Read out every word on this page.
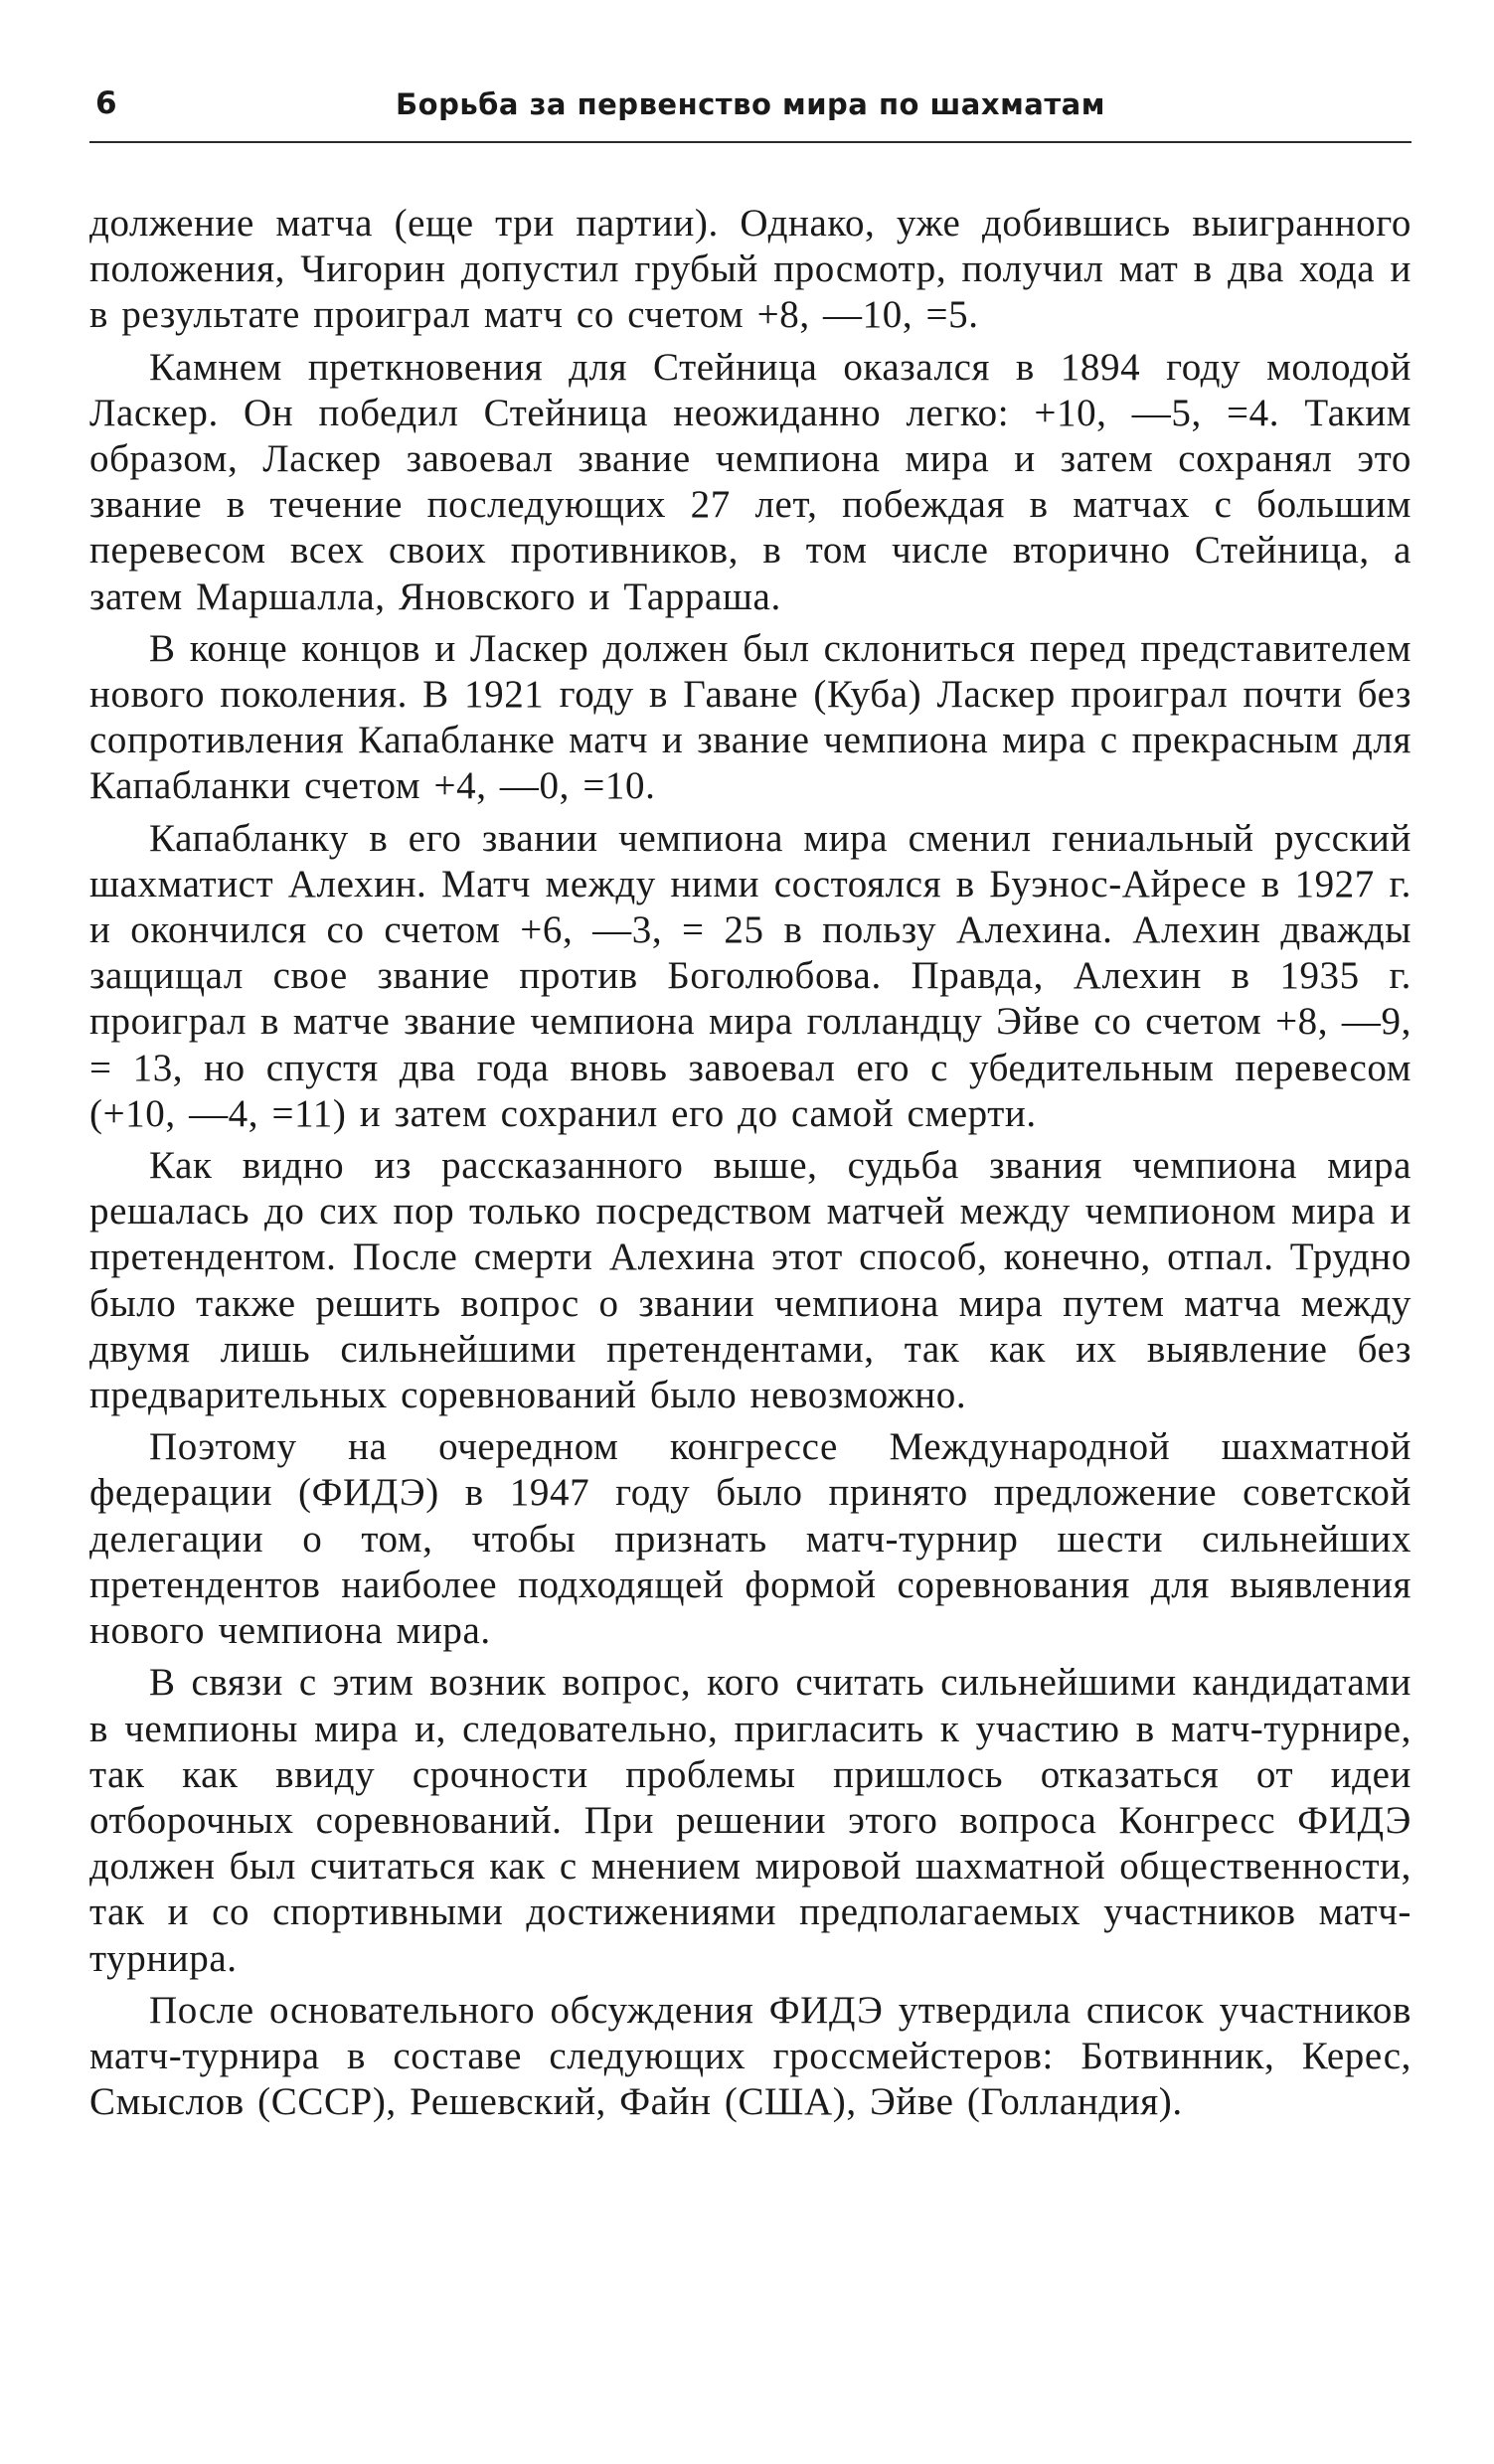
6	Борьба за первенство мира по шахматам

должение матча (еще три партии). Однако, уже добившись выигранного положения, Чигорин допустил грубый просмотр, получил мат в два хода и в результате проиграл матч со счетом +8, —10, =5.

Камнем преткновения для Стейница оказался в 1894 году молодой Ласкер. Он победил Стейница неожиданно легко: +10, —5, =4. Таким образом, Ласкер завоевал звание чемпиона мира и затем сохранял это звание в течение последующих 27 лет, побеждая в матчах с большим перевесом всех своих противников, в том числе вторично Стейница, а затем Маршалла, Яновского и Тарраша.

В конце концов и Ласкер должен был склониться перед представителем нового поколения. В 1921 году в Гаване (Куба) Ласкер проиграл почти без сопротивления Капабланке матч и звание чемпиона мира с прекрасным для Капабланки счетом +4, —0, =10.

Капабланку в его звании чемпиона мира сменил гениальный русский шахматист Алехин. Матч между ними состоялся в Буэнос-Айресе в 1927 г. и окончился со счетом +6, —3, = 25 в пользу Алехина. Алехин дважды защищал свое звание против Боголюбова. Правда, Алехин в 1935 г. проиграл в матче звание чемпиона мира голландцу Эйве со счетом +8, —9, = 13, но спустя два года вновь завоевал его с убедительным перевесом (+10, —4, =11) и затем сохранил его до самой смерти.

Как видно из рассказанного выше, судьба звания чемпиона мира решалась до сих пор только посредством матчей между чемпионом мира и претендентом. После смерти Алехина этот способ, конечно, отпал. Трудно было также решить вопрос о звании чемпиона мира путем матча между двумя лишь сильнейшими претендентами, так как их выявление без предварительных соревнований было невозможно.

Поэтому на очередном конгрессе Международной шахматной федерации (ФИДЭ) в 1947 году было принято предложение советской делегации о том, чтобы признать матч-турнир шести сильнейших претендентов наиболее подходящей формой соревнования для выявления нового чемпиона мира.

В связи с этим возник вопрос, кого считать сильнейшими кандидатами в чемпионы мира и, следовательно, пригласить к участию в матч-турнире, так как ввиду срочности проблемы пришлось отказаться от идеи отборочных соревнований. При решении этого вопроса Конгресс ФИДЭ должен был считаться как с мнением мировой шахматной общественности, так и со спортивными достижениями предполагаемых участников матч-турнира.

После основательного обсуждения ФИДЭ утвердила список участников матч-турнира в составе следующих гроссмейстеров: Ботвинник, Керес, Смыслов (СССР), Решевский, Файн (США), Эйве (Голландия).
